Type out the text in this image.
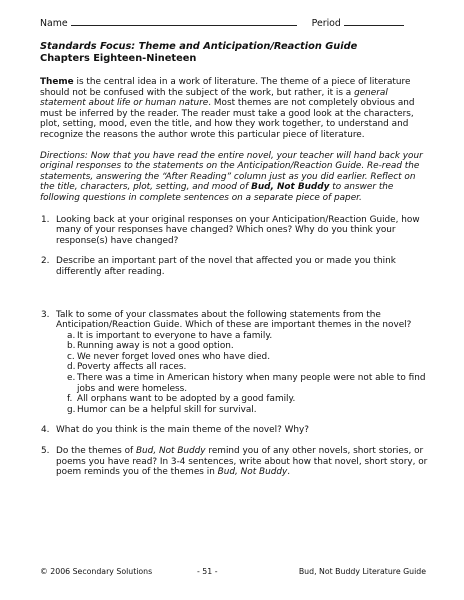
Name	Period
Standards Focus: Theme and Anticipation/Reaction Guide
Chapters Eighteen-Nineteen

Theme is the central idea in a work of literature. The theme of a piece of literature should not be confused with the subject of the work, but rather, it is a general statement about life or human nature. Most themes are not completely obvious and must be inferred by the reader. The reader must take a good look at the characters, plot, setting, mood, even the title, and how they work together, to understand and recognize the reasons the author wrote this particular piece of literature.

Directions: Now that you have read the entire novel, your teacher will hand back your original responses to the statements on the Anticipation/Reaction Guide. Re-read the statements, answering the “After Reading” column just as you did earlier. Reflect on the title, characters, plot, setting, and mood of Bud, Not Buddy to answer the following questions in complete sentences on a separate piece of paper.

1. Looking back at your original responses on your Anticipation/Reaction Guide, how many of your responses have changed? Which ones? Why do you think your response(s) have changed?
2. Describe an important part of the novel that affected you or made you think differently after reading.
3. Talk to some of your classmates about the following statements from the Anticipation/Reaction Guide. Which of these are important themes in the novel?
a. It is important to everyone to have a family.
b. Running away is not a good option.
c. We never forget loved ones who have died.
d. Poverty affects all races.
e. There was a time in American history when many people were not able to find jobs and were homeless.
f. All orphans want to be adopted by a good family.
g. Humor can be a helpful skill for survival.
4. What do you think is the main theme of the novel? Why?
5. Do the themes of Bud, Not Buddy remind you of any other novels, short stories, or poems you have read? In 3-4 sentences, write about how that novel, short story, or poem reminds you of the themes in Bud, Not Buddy.
© 2006 Secondary Solutions	- 51 -	Bud, Not Buddy Literature Guide
